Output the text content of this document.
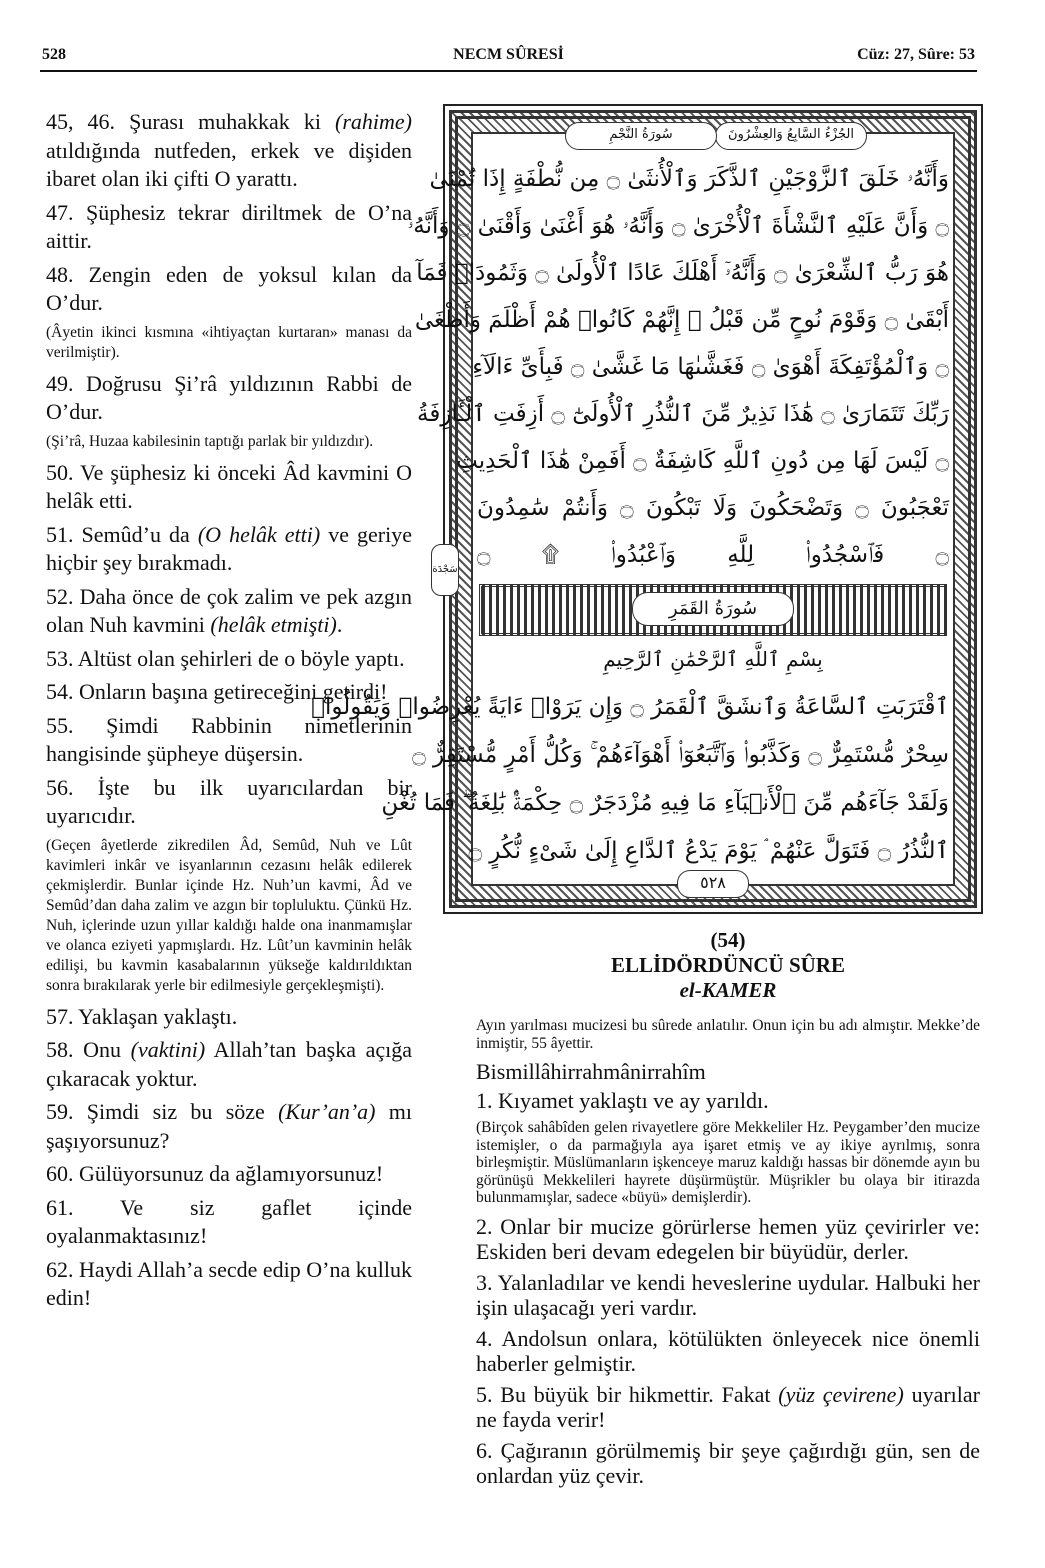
528	NECM SÛRESİ	Cüz: 27, Sûre: 53

45, 46. Şurası muhakkak ki (rahime) atıldığında nutfeden, erkek ve dişiden ibaret olan iki çifti O yarattı.

47. Şüphesiz tekrar diriltmek de O’na aittir.

48. Zengin eden de yoksul kılan da O’dur.

(Âyetin ikinci kısmına «ihtiyaçtan kurtaran» manası da verilmiştir).

49. Doğrusu Şi’râ yıldızının Rabbi de O’dur.

(Şi’râ, Huzaa kabilesinin taptığı parlak bir yıldızdır).

50. Ve şüphesiz ki önceki Âd kavmini O helâk etti.

51. Semûd’u da (O helâk etti) ve geriye hiçbir şey bırakmadı.

52. Daha önce de çok zalim ve pek azgın olan Nuh kavmini (helâk etmişti).

53. Altüst olan şehirleri de o böyle yaptı.

54. Onların başına getireceğini getirdi!

55. Şimdi Rabbinin nimetlerinin hangisinde şüpheye düşersin.

56. İşte bu ilk uyarıcılardan bir uyarıcıdır.

(Geçen âyetlerde zikredilen Âd, Semûd, Nuh ve Lût kavimleri inkâr ve isyanlarının cezasını helâk edilerek çekmişlerdir. Bunlar içinde Hz. Nuh’un kavmi, Âd ve Semûd’dan daha zalim ve azgın bir topluluktu. Çünkü Hz. Nuh, içlerinde uzun yıllar kaldığı halde ona inanmamışlar ve olanca eziyeti yapmışlardı. Hz. Lût’un kavminin helâk edilişi, bu kavmin kasabalarının yükseğe kaldırıldıktan sonra bırakılarak yerle bir edilmesiyle gerçekleşmişti).

57. Yaklaşan yaklaştı.

58. Onu (vaktini) Allah’tan başka açığa çıkaracak yoktur.

59. Şimdi siz bu söze (Kur’an’a) mı şaşıyorsunuz?

60. Gülüyorsunuz da ağlamıyorsunuz!

61. Ve siz gaflet içinde oyalanmaktasınız!

62. Haydi Allah’a secde edip O’na kulluk edin!

الجُزْءُ السَّابِعُ وَالعِشْرُونَ
سُورَةُ النَّجْمِ
سَجْدَة
وَأَنَّهُۥ خَلَقَ ٱلزَّوْجَيْنِ ٱلذَّكَرَ وَٱلْأُنثَىٰ ۝ مِن نُّطْفَةٍ إِذَا تُمْنَىٰ
۝ وَأَنَّ عَلَيْهِ ٱلنَّشْأَةَ ٱلْأُخْرَىٰ ۝ وَأَنَّهُۥ هُوَ أَغْنَىٰ وَأَقْنَىٰ ۝ وَأَنَّهُۥ
هُوَ رَبُّ ٱلشِّعْرَىٰ ۝ وَأَنَّهُۥٓ أَهْلَكَ عَادًا ٱلْأُولَىٰ ۝ وَثَمُودَا۟ فَمَآ
أَبْقَىٰ ۝ وَقَوْمَ نُوحٍ مِّن قَبْلُ ۖ إِنَّهُمْ كَانُوا۟ هُمْ أَظْلَمَ وَأَطْغَىٰ
۝ وَٱلْمُؤْتَفِكَةَ أَهْوَىٰ ۝ فَغَشَّىٰهَا مَا غَشَّىٰ ۝ فَبِأَىِّ ءَالَآءِ
رَبِّكَ تَتَمَارَىٰ ۝ هَٰذَا نَذِيرٌ مِّنَ ٱلنُّذُرِ ٱلْأُولَىٰٓ ۝ أَزِفَتِ ٱلْـَٔازِفَةُ
۝ لَيْسَ لَهَا مِن دُونِ ٱللَّهِ كَاشِفَةٌ ۝ أَفَمِنْ هَٰذَا ٱلْحَدِيثِ
تَعْجَبُونَ ۝ وَتَضْحَكُونَ وَلَا تَبْكُونَ ۝ وَأَنتُمْ سَٰمِدُونَ
۝ فَٱسْجُدُوا۟ لِلَّهِ وَٱعْبُدُوا۟ ۩ ۝
سُورَةُ القَمَرِ
بِسْمِ ٱللَّهِ ٱلرَّحْمَٰنِ ٱلرَّحِيمِ
ٱقْتَرَبَتِ ٱلسَّاعَةُ وَٱنشَقَّ ٱلْقَمَرُ ۝ وَإِن يَرَوْا۟ ءَايَةً يُعْرِضُوا۟ وَيَقُولُوا۟
سِحْرٌ مُّسْتَمِرٌّ ۝ وَكَذَّبُوا۟ وَٱتَّبَعُوٓا۟ أَهْوَآءَهُمْ ۚ وَكُلُّ أَمْرٍ مُّسْتَقِرٌّ ۝
وَلَقَدْ جَآءَهُم مِّنَ ٱلْأَنۢبَآءِ مَا فِيهِ مُزْدَجَرٌ ۝ حِكْمَةٌۢ بَٰلِغَةٌ ۖ فَمَا تُغْنِ
ٱلنُّذُرُ ۝ فَتَوَلَّ عَنْهُمْ ۘ يَوْمَ يَدْعُ ٱلدَّاعِ إِلَىٰ شَىْءٍ نُّكُرٍ ۝
٥٢٨
(54)
ELLİDÖRDÜNCÜ SÛRE
el-KAMER

Ayın yarılması mucizesi bu sûrede anlatılır. Onun için bu adı almıştır. Mekke’de inmiştir, 55 âyettir.

Bismillâhirrahmânirrahîm

1. Kıyamet yaklaştı ve ay yarıldı.

(Birçok sahâbîden gelen rivayetlere göre Mekkeliler Hz. Peygamber’den mucize istemişler, o da parmağıyla aya işaret etmiş ve ay ikiye ayrılmış, sonra birleşmiştir. Müslümanların işkenceye maruz kaldığı hassas bir dönemde ayın bu görünüşü Mekkelileri hayrete düşürmüştür. Müşrikler bu olaya bir itirazda bulunmamışlar, sadece «büyü» demişlerdir).

2. Onlar bir mucize görürlerse hemen yüz çevirirler ve: Eskiden beri devam edegelen bir büyüdür, derler.

3. Yalanladılar ve kendi heveslerine uydular. Halbuki her işin ulaşacağı yeri vardır.

4. Andolsun onlara, kötülükten önleyecek nice önemli haberler gelmiştir.

5. Bu büyük bir hikmettir. Fakat (yüz çevirene) uyarılar ne fayda verir!

6. Çağıranın görülmemiş bir şeye çağırdığı gün, sen de onlardan yüz çevir.
